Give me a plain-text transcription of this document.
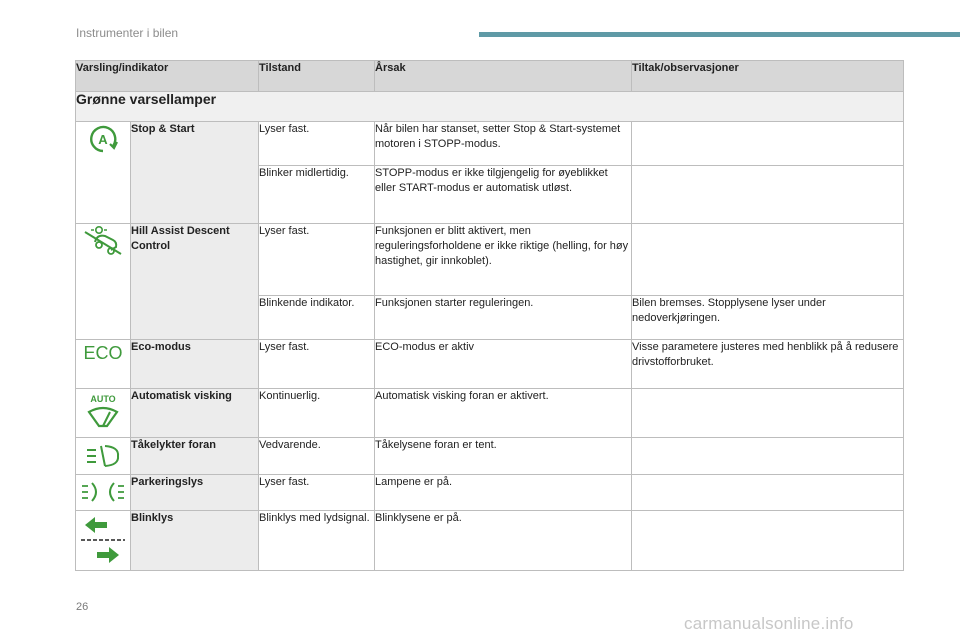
Instrumenter i bilen
Varsling/indikator		Tilstand	Årsak	Tiltak/observasjoner
Grønne varsellamper				

A	Stop & Start	Lyser fast.	Når bilen har stanset, setter Stop & Start-systemet motoren i STOPP-modus.	
		Blinker midlertidig.	STOPP-modus er ikke tilgjengelig for øyeblikket eller START-modus er automatisk utløst.	

	Hill Assist Descent Control	Lyser fast.	Funksjonen er blitt aktivert, men reguleringsforholdene er ikke riktige (helling, for høy hastighet, gir innkoblet).	
		Blinkende indikator.	Funksjonen starter reguleringen.	Bilen bremses. Stopplysene lyser under nedoverkjøringen.

ECO	Eco-modus	Lyser fast.	ECO-modus er aktiv	Visse parametere justeres med henblikk på å redusere drivstofforbruket.

AUTO	Automatisk visking	Kontinuerlig.	Automatisk visking foran er aktivert.	

	Tåkelykter foran	Vedvarende.	Tåkelysene foran er tent.	

	Parkeringslys	Lyser fast.	Lampene er på.	

	Blinklys	Blinklys med lydsignal.	Blinklysene er på.	
26
carmanualsonline.info
